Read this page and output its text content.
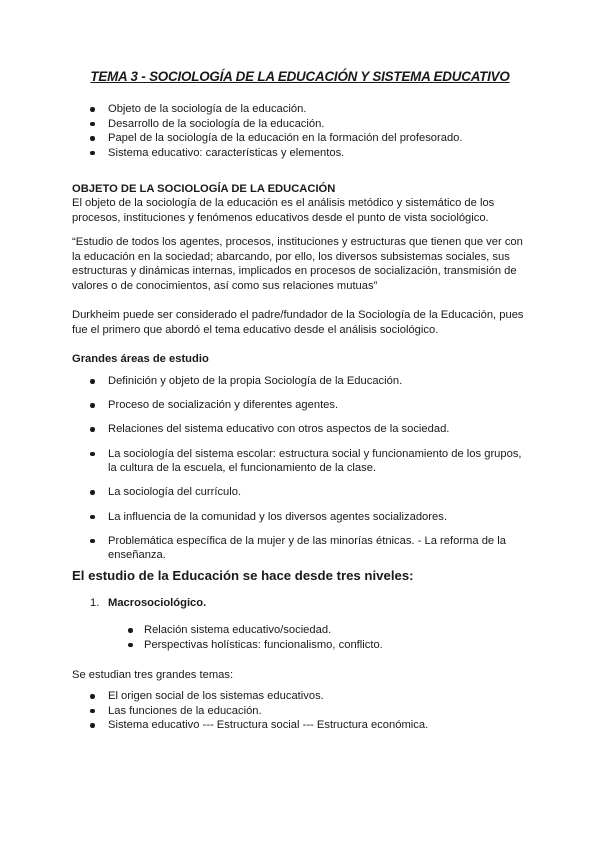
TEMA 3 - SOCIOLOGÍA DE LA EDUCACIÓN Y SISTEMA EDUCATIVO
Objeto de la sociología de la educación.
Desarrollo de la sociología de la educación.
Papel de la sociología de la educación en la formación del profesorado.
Sistema educativo: características y elementos.
OBJETO DE LA SOCIOLOGÍA DE LA EDUCACIÓN

El objeto de la sociología de la educación es el análisis metódico y sistemático de los procesos, instituciones y fenómenos educativos desde el punto de vista sociológico.

“Estudio de todos los agentes, procesos, instituciones y estructuras que tienen que ver con la educación en la sociedad; abarcando, por ello, los diversos subsistemas sociales, sus estructuras y dinámicas internas, implicados en procesos de socialización, transmisión de valores o de conocimientos, así como sus relaciones mutuas”

Durkheim puede ser considerado el padre/fundador de la Sociología de la Educación, pues fue el primero que abordó el tema educativo desde el análisis sociológico.

Grandes áreas de estudio
Definición y objeto de la propia Sociología de la Educación.
Proceso de socialización y diferentes agentes.
Relaciones del sistema educativo con otros aspectos de la sociedad.
La sociología del sistema escolar: estructura social y funcionamiento de los grupos, la cultura de la escuela, el funcionamiento de la clase.
La sociología del currículo.
La influencia de la comunidad y los diversos agentes socializadores.
Problemática específica de la mujer y de las minorías étnicas. - La reforma de la enseñanza.
El estudio de la Educación se hace desde tres niveles:
1. Macrosociológico.
Relación sistema educativo/sociedad.
Perspectivas holísticas: funcionalismo, conflicto.

Se estudian tres grandes temas:

El origen social de los sistemas educativos.
Las funciones de la educación.
Sistema educativo --- Estructura social --- Estructura económica.
